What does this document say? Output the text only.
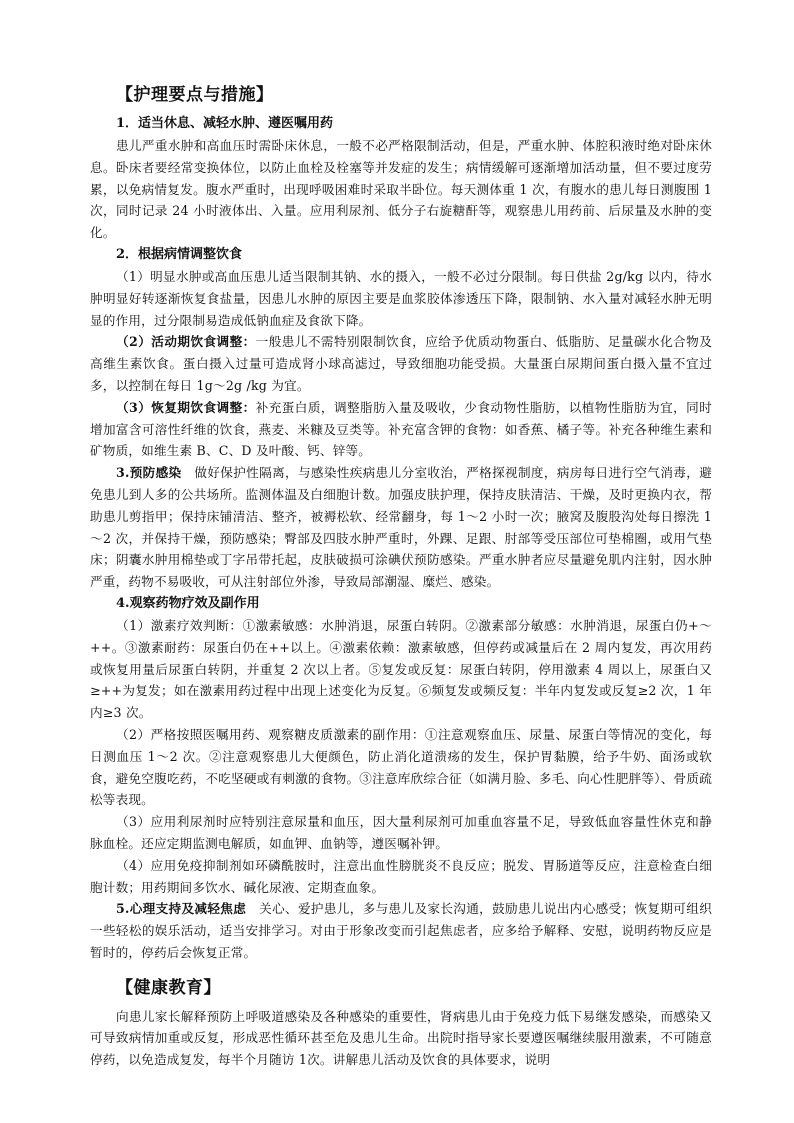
【护理要点与措施】

1．适当休息、减轻水肿、遵医嘱用药

患儿严重水肿和高血压时需卧床休息，一般不必严格限制活动，但是，严重水肿、体腔积液时绝对卧床休息。卧床者要经常变换体位，以防止血栓及栓塞等并发症的发生；病情缓解可逐渐增加活动量，但不要过度劳累，以免病情复发。腹水严重时，出现呼吸困难时采取半卧位。每天测体重 1 次，有腹水的患儿每日测腹围 1 次，同时记录 24 小时液体出、入量。应用利尿剂、低分子右旋糖酐等，观察患儿用药前、后尿量及水肿的变化。

2．根据病情调整饮食

（1）明显水肿或高血压患儿适当限制其钠、水的摄入，一般不必过分限制。每日供盐 2g/kg 以内，待水肿明显好转逐渐恢复食盐量，因患儿水肿的原因主要是血浆胶体渗透压下降，限制钠、水入量对减轻水肿无明显的作用，过分限制易造成低钠血症及食欲下降。

（2）活动期饮食调整：一般患儿不需特别限制饮食，应给予优质动物蛋白、低脂肪、足量碳水化合物及高维生素饮食。蛋白摄入过量可造成肾小球高滤过，导致细胞功能受损。大量蛋白尿期间蛋白摄入量不宜过多，以控制在每日 1g～2g /kg 为宜。

（3）恢复期饮食调整：补充蛋白质，调整脂肪入量及吸收，少食动物性脂肪，以植物性脂肪为宜，同时增加富含可溶性纤维的饮食，燕麦、米糠及豆类等。补充富含钾的食物：如香蕉、橘子等。补充各种维生素和矿物质，如维生素 B、C、D 及叶酸、钙、锌等。

3.预防感染　做好保护性隔离，与感染性疾病患儿分室收治，严格探视制度，病房每日进行空气消毒，避免患儿到人多的公共场所。监测体温及白细胞计数。加强皮肤护理，保持皮肤清洁、干燥，及时更换内衣，帮助患儿剪指甲；保持床铺清洁、整齐，被褥松软、经常翻身，每 1～2 小时一次；腋窝及腹股沟处每日擦洗 1～2 次，并保持干燥，预防感染；臀部及四肢水肿严重时，外踝、足跟、肘部等受压部位可垫棉圈，或用气垫床；阴囊水肿用棉垫或丁字吊带托起，皮肤破损可涂碘伏预防感染。严重水肿者应尽量避免肌内注射，因水肿严重，药物不易吸收，可从注射部位外渗，导致局部潮湿、糜烂、感染。

4.观察药物疗效及副作用

（1）激素疗效判断：①激素敏感：水肿消退，尿蛋白转阴。②激素部分敏感：水肿消退，尿蛋白仍+～++。③激素耐药：尿蛋白仍在++以上。④激素依赖：激素敏感，但停药或减量后在 2 周内复发，再次用药或恢复用量后尿蛋白转阴，并重复 2 次以上者。⑤复发或反复：尿蛋白转阴，停用激素 4 周以上，尿蛋白又≥++为复发；如在激素用药过程中出现上述变化为反复。⑥频复发或频反复：半年内复发或反复≥2 次，1 年内≥3 次。

（2）严格按照医嘱用药、观察糖皮质激素的副作用：①注意观察血压、尿量、尿蛋白等情况的变化，每日测血压 1～2 次。②注意观察患儿大便颜色，防止消化道溃疡的发生，保护胃黏膜，给予牛奶、面汤或软食，避免空腹吃药，不吃坚硬或有刺激的食物。③注意库欣综合征（如满月脸、多毛、向心性肥胖等）、骨质疏松等表现。

（3）应用利尿剂时应特别注意尿量和血压，因大量利尿剂可加重血容量不足，导致低血容量性休克和静脉血栓。还应定期监测电解质，如血钾、血钠等，遵医嘱补钾。

（4）应用免疫抑制剂如环磷酰胺时，注意出血性膀胱炎不良反应；脱发、胃肠道等反应，注意检查白细胞计数；用药期间多饮水、碱化尿液、定期查血象。

5.心理支持及减轻焦虑　关心、爱护患儿，多与患儿及家长沟通，鼓励患儿说出内心感受；恢复期可组织一些轻松的娱乐活动，适当安排学习。对由于形象改变而引起焦虑者，应多给予解释、安慰，说明药物反应是暂时的，停药后会恢复正常。

【健康教育】

向患儿家长解释预防上呼吸道感染及各种感染的重要性，肾病患儿由于免疫力低下易继发感染，而感染又可导致病情加重或反复，形成恶性循环甚至危及患儿生命。出院时指导家长要遵医嘱继续服用激素，不可随意停药，以免造成复发，每半个月随访 1次。讲解患儿活动及饮食的具体要求，说明
